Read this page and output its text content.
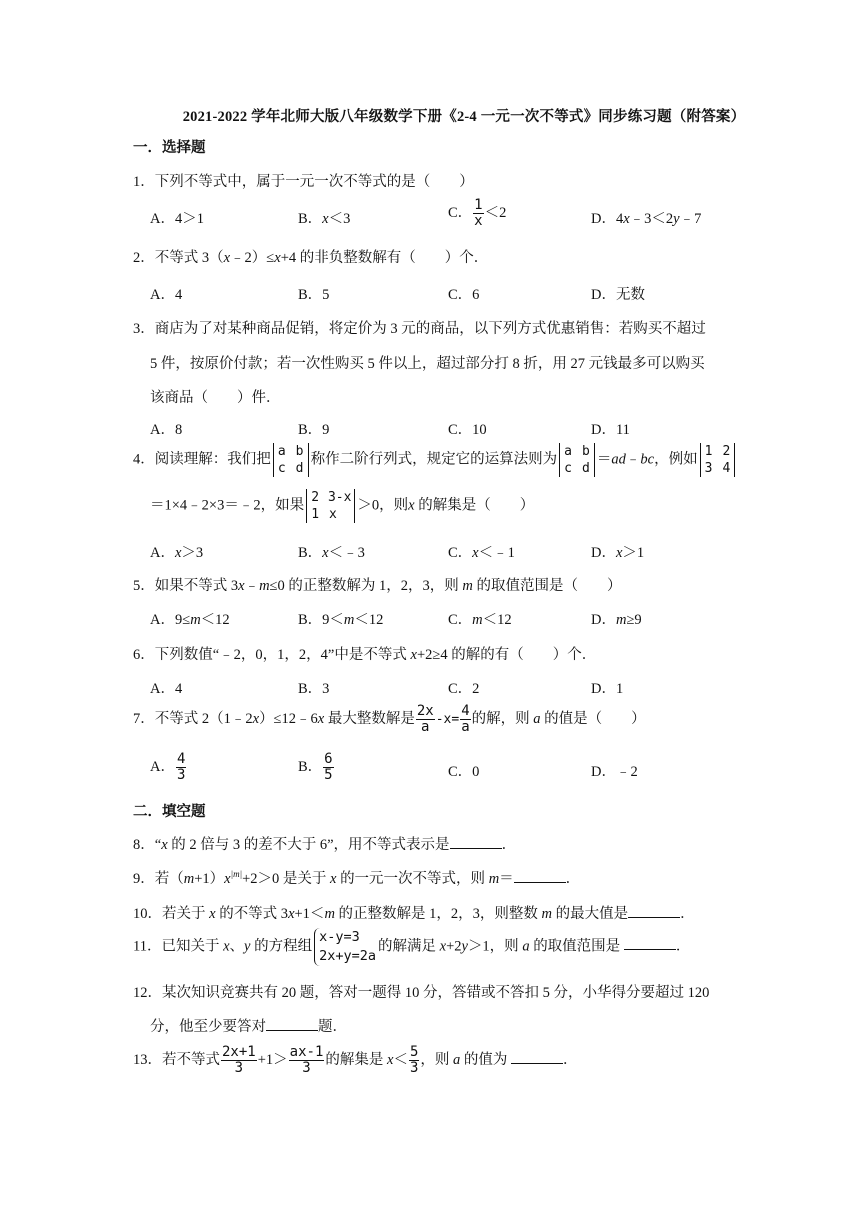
2021-2022 学年北师大版八年级数学下册《2-4 一元一次不等式》同步练习题（附答案）
一．选择题
1．下列不等式中，属于一元一次不等式的是（　　）
A．4＞1	B．x＜3	C． $\frac{1}{x} <2$	D．4x﹣3＜2y﹣7
2．不等式 3（x﹣2）≤x+4 的非负整数解有（　　）个．
A．4	B．5	C．6	D．无数
3．商店为了对某种商品促销，将定价为 3 元的商品，以下列方式优惠销售：若购买不超过
5 件，按原价付款；若一次性购买 5 件以上，超过部分打 8 折，用 27 元钱最多可以购买
该商品（　　）件．
A．8	B．9	C．10	D．11
4．阅读理解：我们把 a b
c d称作二阶行列式，规定它的运算法则为 a b
c d＝ad﹣bc，例如 1 2
3 4
＝1×4﹣2×3＝﹣2，如果 2 3-x
1 x＞0，则x 的解集是（　　）
A．x＞3	B．x＜﹣3	C．x＜﹣1	D．x＞1
5．如果不等式 3x﹣m≤0 的正整数解为 1，2，3，则 m 的取值范围是（　　）
A．9≤m＜12	B．9＜m＜12	C．m＜12	D．m≥9
6．下列数值“﹣2，0，1，2，4”中是不等式 x+2≥4 的解的有（　　）个．
A．4	B．3	C．2	D．1
7．不等式 2（1﹣2x）≤12﹣6x 最大整数解是 $\frac{2x}{a} -x= \frac{4}{a}$ 的解，则 a 的值是（　　）
A． $\frac{4}{3}$	B． $\frac{6}{5}$	C．0	D．﹣2
二．填空题
8．“x 的 2 倍与 3 的差不大于 6”，用不等式表示是	．
9．若$(m+1)x^{|m|}+2>0$ 是关于 x 的一元一次不等式，则 m＝	．
10．若关于 x 的不等式 3x+1＜m 的正整数解是 1，2，3，则整数 m 的最大值是	．
11．已知关于 x、y 的方程组x-y=3
2x+y=2a的解满足 x+2y＞1，则 a 的取值范围是	．
12．某次知识竞赛共有 20 题，答对一题得 10 分，答错或不答扣 5 分，小华得分要超过 120
分，他至少要答对	题．
13．若不等式 $\frac{2x+1}{3} +1> \frac{ax-1}{3}$ 的解集是 $x< \frac{5}{3}$ ，则 a 的值为	．
